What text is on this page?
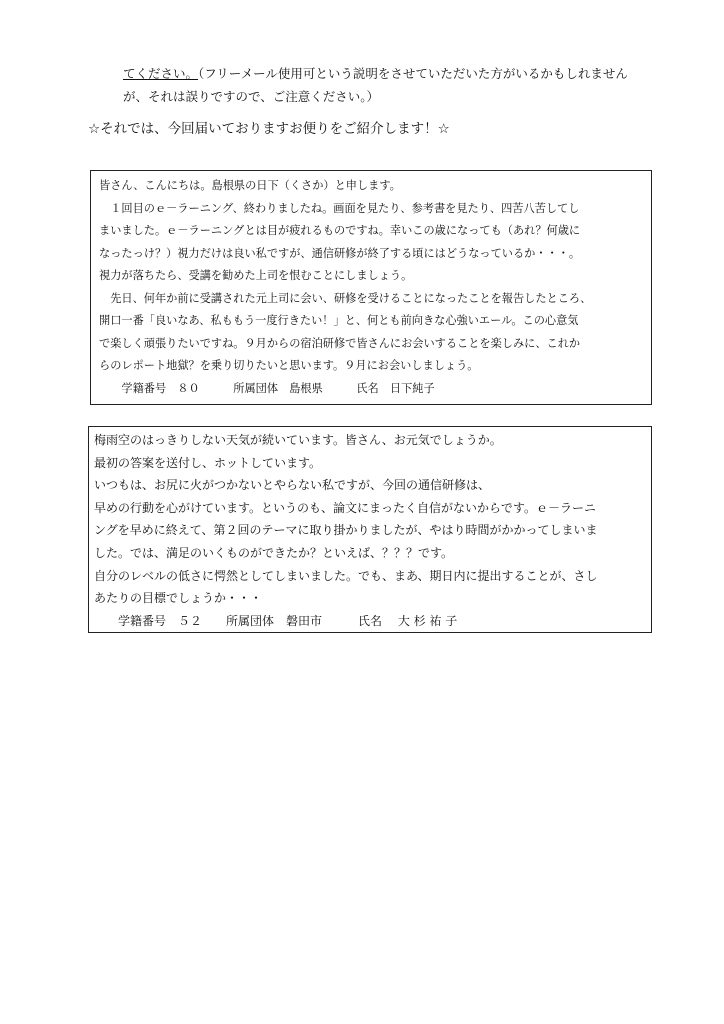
てください。（フリーメール使用可という説明をさせていただいた方がいるかもしれません
が、それは誤りですので、ご注意ください。）
☆それでは、今回届いておりますお便りをご紹介します！☆
皆さん、こんにちは。島根県の日下（くさか）と申します。
　１回目のｅ－ラーニング、終わりましたね。画面を見たり、参考書を見たり、四苦八苦してし
まいました。ｅ－ラーニングとは目が疲れるものですね。幸いこの歳になっても（あれ？何歳に
なったっけ？）視力だけは良い私ですが、通信研修が終了する頃にはどうなっているか・・・。
視力が落ちたら、受講を勧めた上司を恨むことにしましょう。
　先日、何年か前に受講された元上司に会い、研修を受けることになったことを報告したところ、
開口一番「良いなあ、私ももう一度行きたい！」と、何とも前向きな心強いエール。この心意気
で楽しく頑張りたいですね。９月からの宿泊研修で皆さんにお会いすることを楽しみに、これか
らのレポート地獄？を乗り切りたいと思います。９月にお会いしましょう。
　　学籍番号　８０　　　所属団体　島根県　　　氏名　日下純子
梅雨空のはっきりしない天気が続いています。皆さん、お元気でしょうか。
最初の答案を送付し、ホットしています。
いつもは、お尻に火がつかないとやらない私ですが、今回の通信研修は、
早めの行動を心がけています。というのも、論文にまったく自信がないからです。ｅ－ラーニ
ングを早めに終えて、第２回のテーマに取り掛かりましたが、やはり時間がかかってしまいま
した。では、満足のいくものができたか？といえば、？？？です。
自分のレベルの低さに愕然としてしまいました。でも、まあ、期日内に提出することが、さし
あたりの目標でしょうか・・・
　　学籍番号　５２　　所属団体　磐田市　　　氏名　 大 杉 祐 子
